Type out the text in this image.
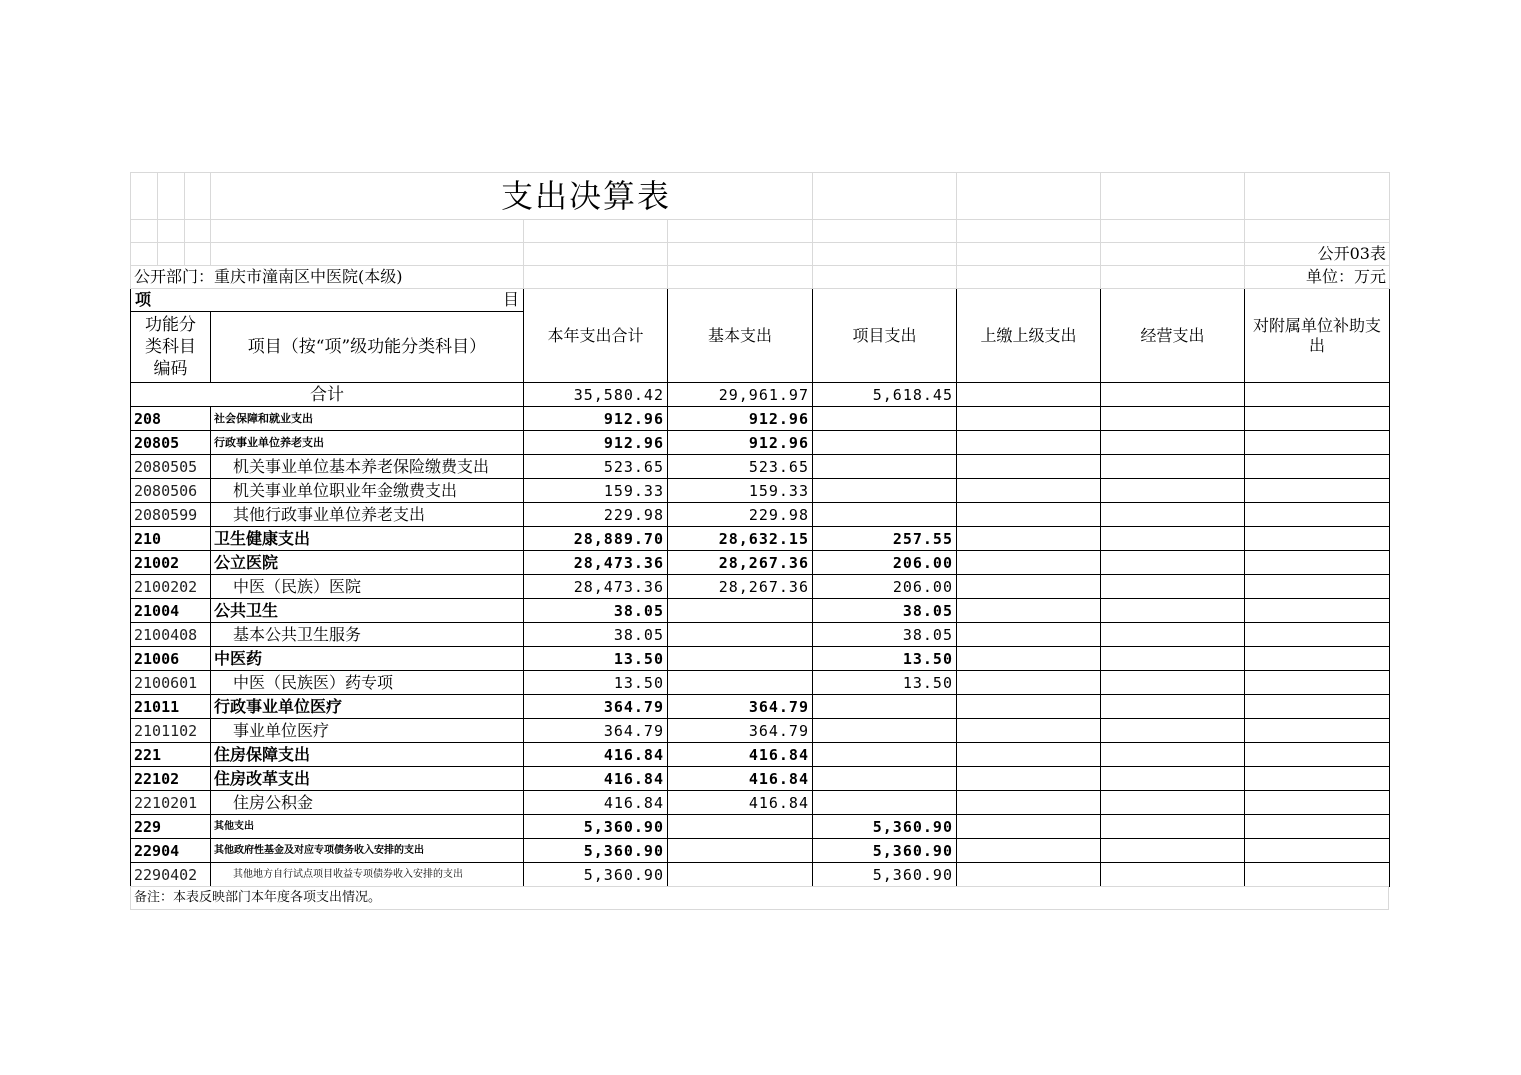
			支出决算表						

									公开03表
公开部门：重庆市潼南区中医院(本级)									单位：万元

项 目				本年支出合计	基本支出	项目支出	上缴上级支出	经营支出	对附属单位补助支出
功能分类科目编码			项目（按“项”级功能分类科目）						
合计				35,580.42	29,961.97	5,618.45			
208			社会保障和就业支出	912.96	912.96				
20805			行政事业单位养老支出	912.96	912.96				
2080505			机关事业单位基本养老保险缴费支出	523.65	523.65				
2080506			机关事业单位职业年金缴费支出	159.33	159.33				
2080599			其他行政事业单位养老支出	229.98	229.98				
210			卫生健康支出	28,889.70	28,632.15	257.55			
21002			公立医院	28,473.36	28,267.36	206.00			
2100202			中医（民族）医院	28,473.36	28,267.36	206.00			
21004			公共卫生	38.05		38.05			
2100408			基本公共卫生服务	38.05		38.05			
21006			中医药	13.50		13.50			
2100601			中医（民族医）药专项	13.50		13.50			
21011			行政事业单位医疗	364.79	364.79				
2101102			事业单位医疗	364.79	364.79				
221			住房保障支出	416.84	416.84				
22102			住房改革支出	416.84	416.84				
2210201			住房公积金	416.84	416.84				
229			其他支出	5,360.90		5,360.90			
22904			其他政府性基金及对应专项债务收入安排的支出	5,360.90		5,360.90			
2290402			其他地方自行试点项目收益专项债券收入安排的支出	5,360.90		5,360.90			
备注：本表反映部门本年度各项支出情况。
